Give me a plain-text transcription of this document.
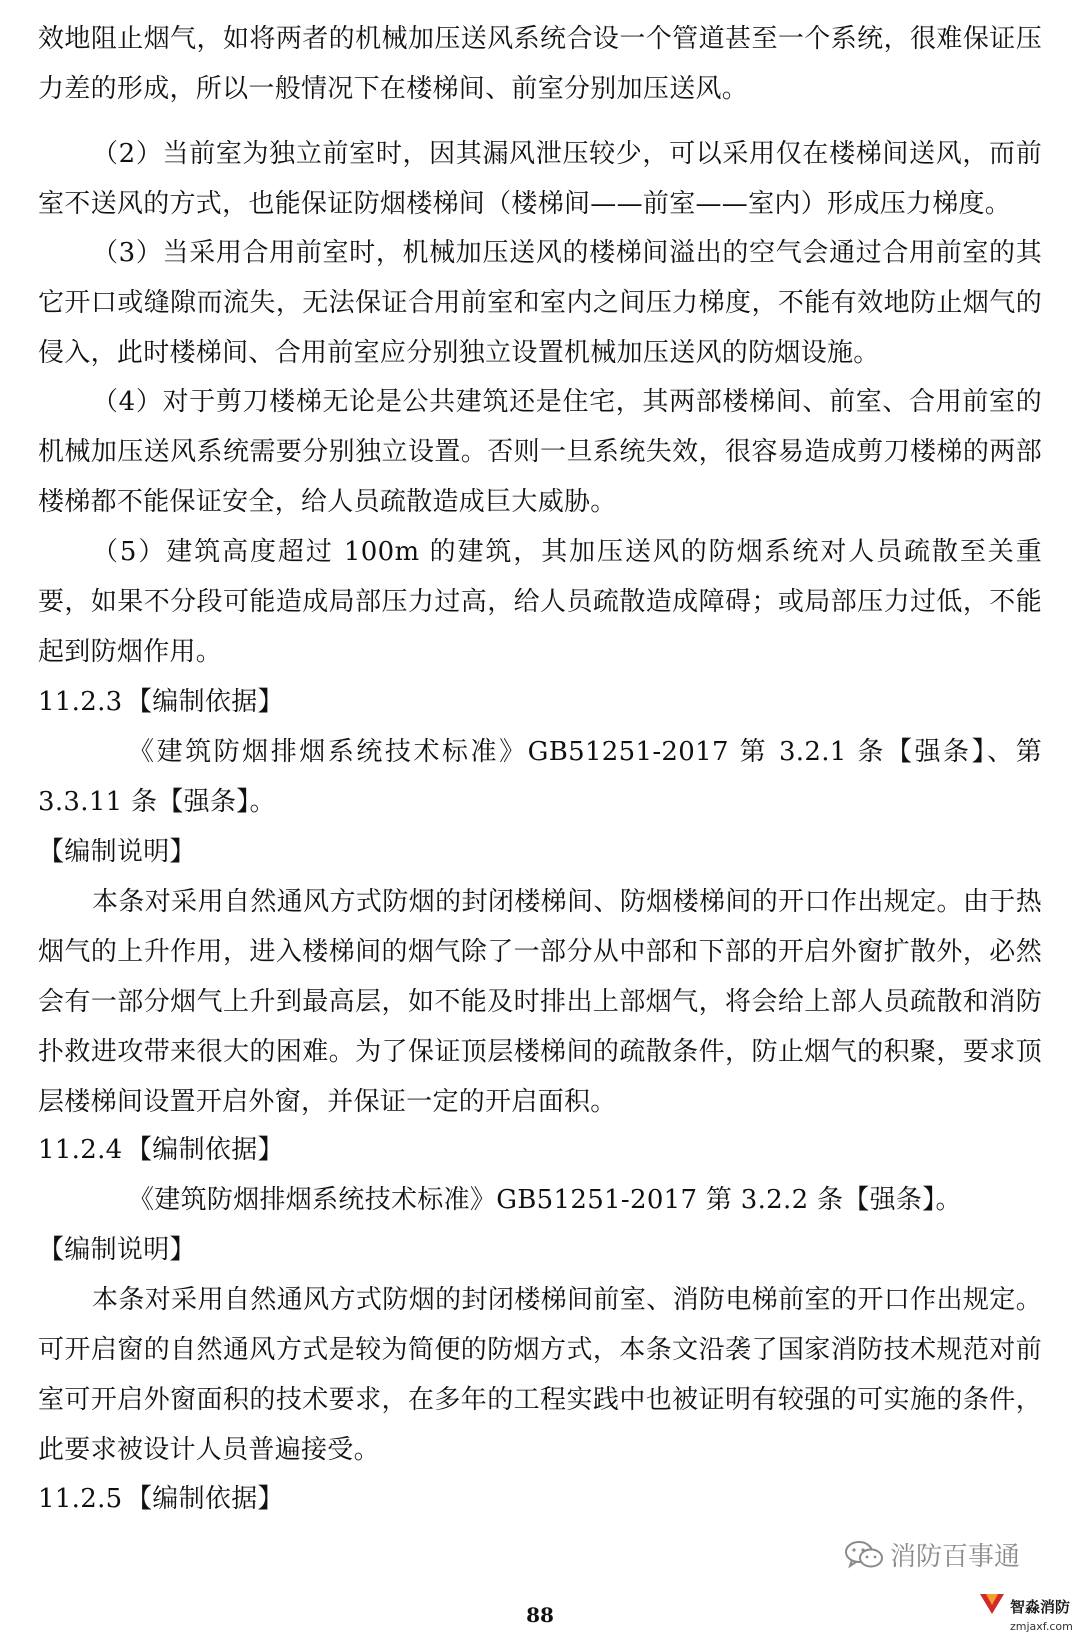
效地阻止烟气，如将两者的机械加压送风系统合设一个管道甚至一个系统，很难保证压力差的形成，所以一般情况下在楼梯间、前室分别加压送风。

（2）当前室为独立前室时，因其漏风泄压较少，可以采用仅在楼梯间送风，而前室不送风的方式，也能保证防烟楼梯间（楼梯间——前室——室内）形成压力梯度。

（3）当采用合用前室时，机械加压送风的楼梯间溢出的空气会通过合用前室的其它开口或缝隙而流失，无法保证合用前室和室内之间压力梯度，不能有效地防止烟气的侵入，此时楼梯间、合用前室应分别独立设置机械加压送风的防烟设施。

（4）对于剪刀楼梯无论是公共建筑还是住宅，其两部楼梯间、前室、合用前室的机械加压送风系统需要分别独立设置。否则一旦系统失效，很容易造成剪刀楼梯的两部楼梯都不能保证安全，给人员疏散造成巨大威胁。

（5）建筑高度超过 100m 的建筑，其加压送风的防烟系统对人员疏散至关重要，如果不分段可能造成局部压力过高，给人员疏散造成障碍；或局部压力过低，不能起到防烟作用。

11.2.3 【编制依据】

《建筑防烟排烟系统技术标准》GB51251-2017 第 3.2.1 条【强条】、第 3.3.11 条【强条】。

【编制说明】

本条对采用自然通风方式防烟的封闭楼梯间、防烟楼梯间的开口作出规定。由于热烟气的上升作用，进入楼梯间的烟气除了一部分从中部和下部的开启外窗扩散外，必然会有一部分烟气上升到最高层，如不能及时排出上部烟气，将会给上部人员疏散和消防扑救进攻带来很大的困难。为了保证顶层楼梯间的疏散条件，防止烟气的积聚，要求顶层楼梯间设置开启外窗，并保证一定的开启面积。

11.2.4 【编制依据】

《建筑防烟排烟系统技术标准》GB51251-2017 第 3.2.2 条【强条】。

【编制说明】

本条对采用自然通风方式防烟的封闭楼梯间前室、消防电梯前室的开口作出规定。可开启窗的自然通风方式是较为简便的防烟方式，本条文沿袭了国家消防技术规范对前室可开启外窗面积的技术要求，在多年的工程实践中也被证明有较强的可实施的条件，此要求被设计人员普遍接受。

11.2.5 【编制依据】
消防百事通
88	智淼消防
zmjaxf.com
